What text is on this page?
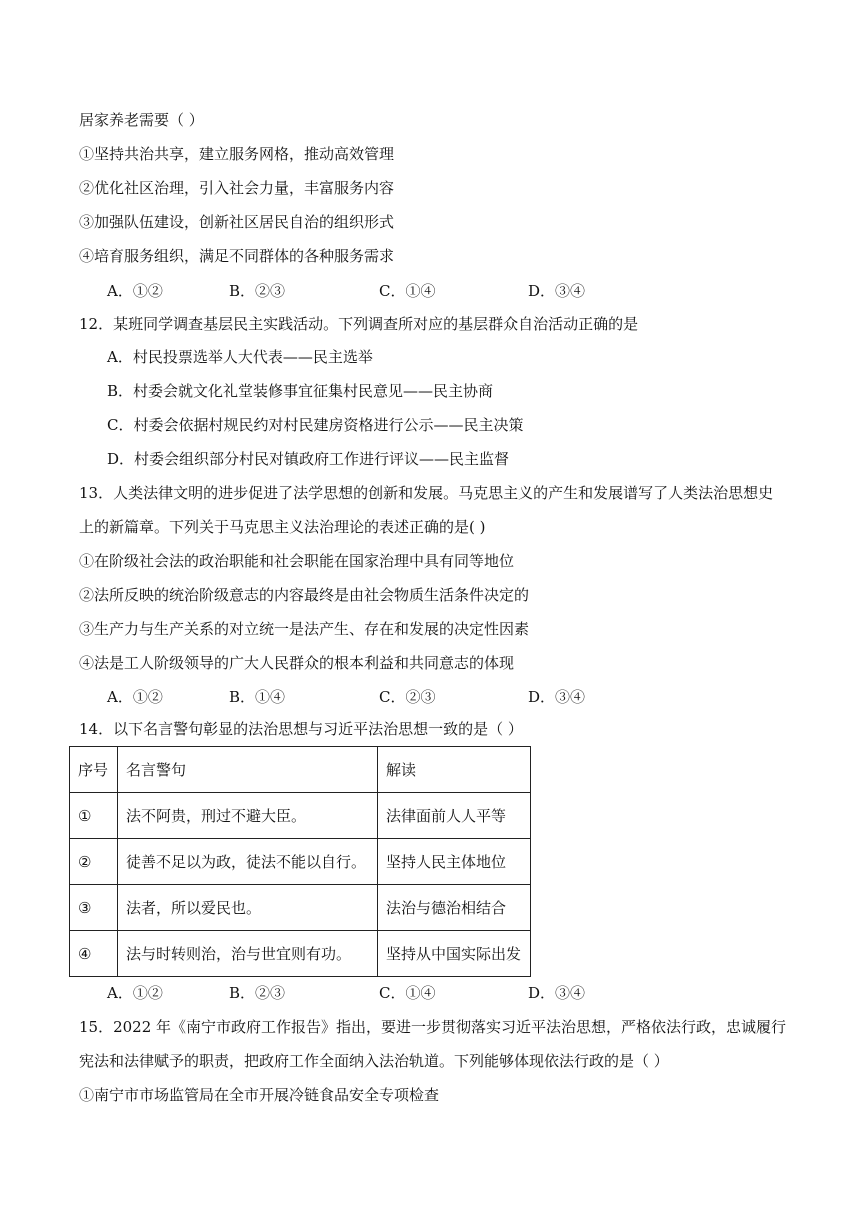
居家养老需要（ ）
①坚持共治共享，建立服务网格，推动高效管理
②优化社区治理，引入社会力量，丰富服务内容
③加强队伍建设，创新社区居民自治的组织形式
④培育服务组织，满足不同群体的各种服务需求
A．①②	B．②③	C．①④	D．③④
12．某班同学调查基层民主实践活动。下列调查所对应的基层群众自治活动正确的是
A．村民投票选举人大代表——民主选举
B．村委会就文化礼堂装修事宜征集村民意见——民主协商
C．村委会依据村规民约对村民建房资格进行公示——民主决策
D．村委会组织部分村民对镇政府工作进行评议——民主监督
13．人类法律文明的进步促进了法学思想的创新和发展。马克思主义的产生和发展谱写了人类法治思想史
上的新篇章。下列关于马克思主义法治理论的表述正确的是( )
①在阶级社会法的政治职能和社会职能在国家治理中具有同等地位
②法所反映的统治阶级意志的内容最终是由社会物质生活条件决定的
③生产力与生产关系的对立统一是法产生、存在和发展的决定性因素
④法是工人阶级领导的广大人民群众的根本利益和共同意志的体现
A．①②	B．①④	C．②③	D．③④
14．以下名言警句彰显的法治思想与习近平法治思想一致的是（ ）
序号	名言警句	解读
①	法不阿贵，刑过不避大臣。	法律面前人人平等
②	徒善不足以为政，徒法不能以自行。	坚持人民主体地位
③	法者，所以爱民也。	法治与德治相结合
④	法与时转则治，治与世宜则有功。	坚持从中国实际出发
A．①②	B．②③	C．①④	D．③④
15．2022 年《南宁市政府工作报告》指出，要进一步贯彻落实习近平法治思想，严格依法行政，忠诚履行
宪法和法律赋予的职责，把政府工作全面纳入法治轨道。下列能够体现依法行政的是（ ）
①南宁市市场监管局在全市开展冷链食品安全专项检查
